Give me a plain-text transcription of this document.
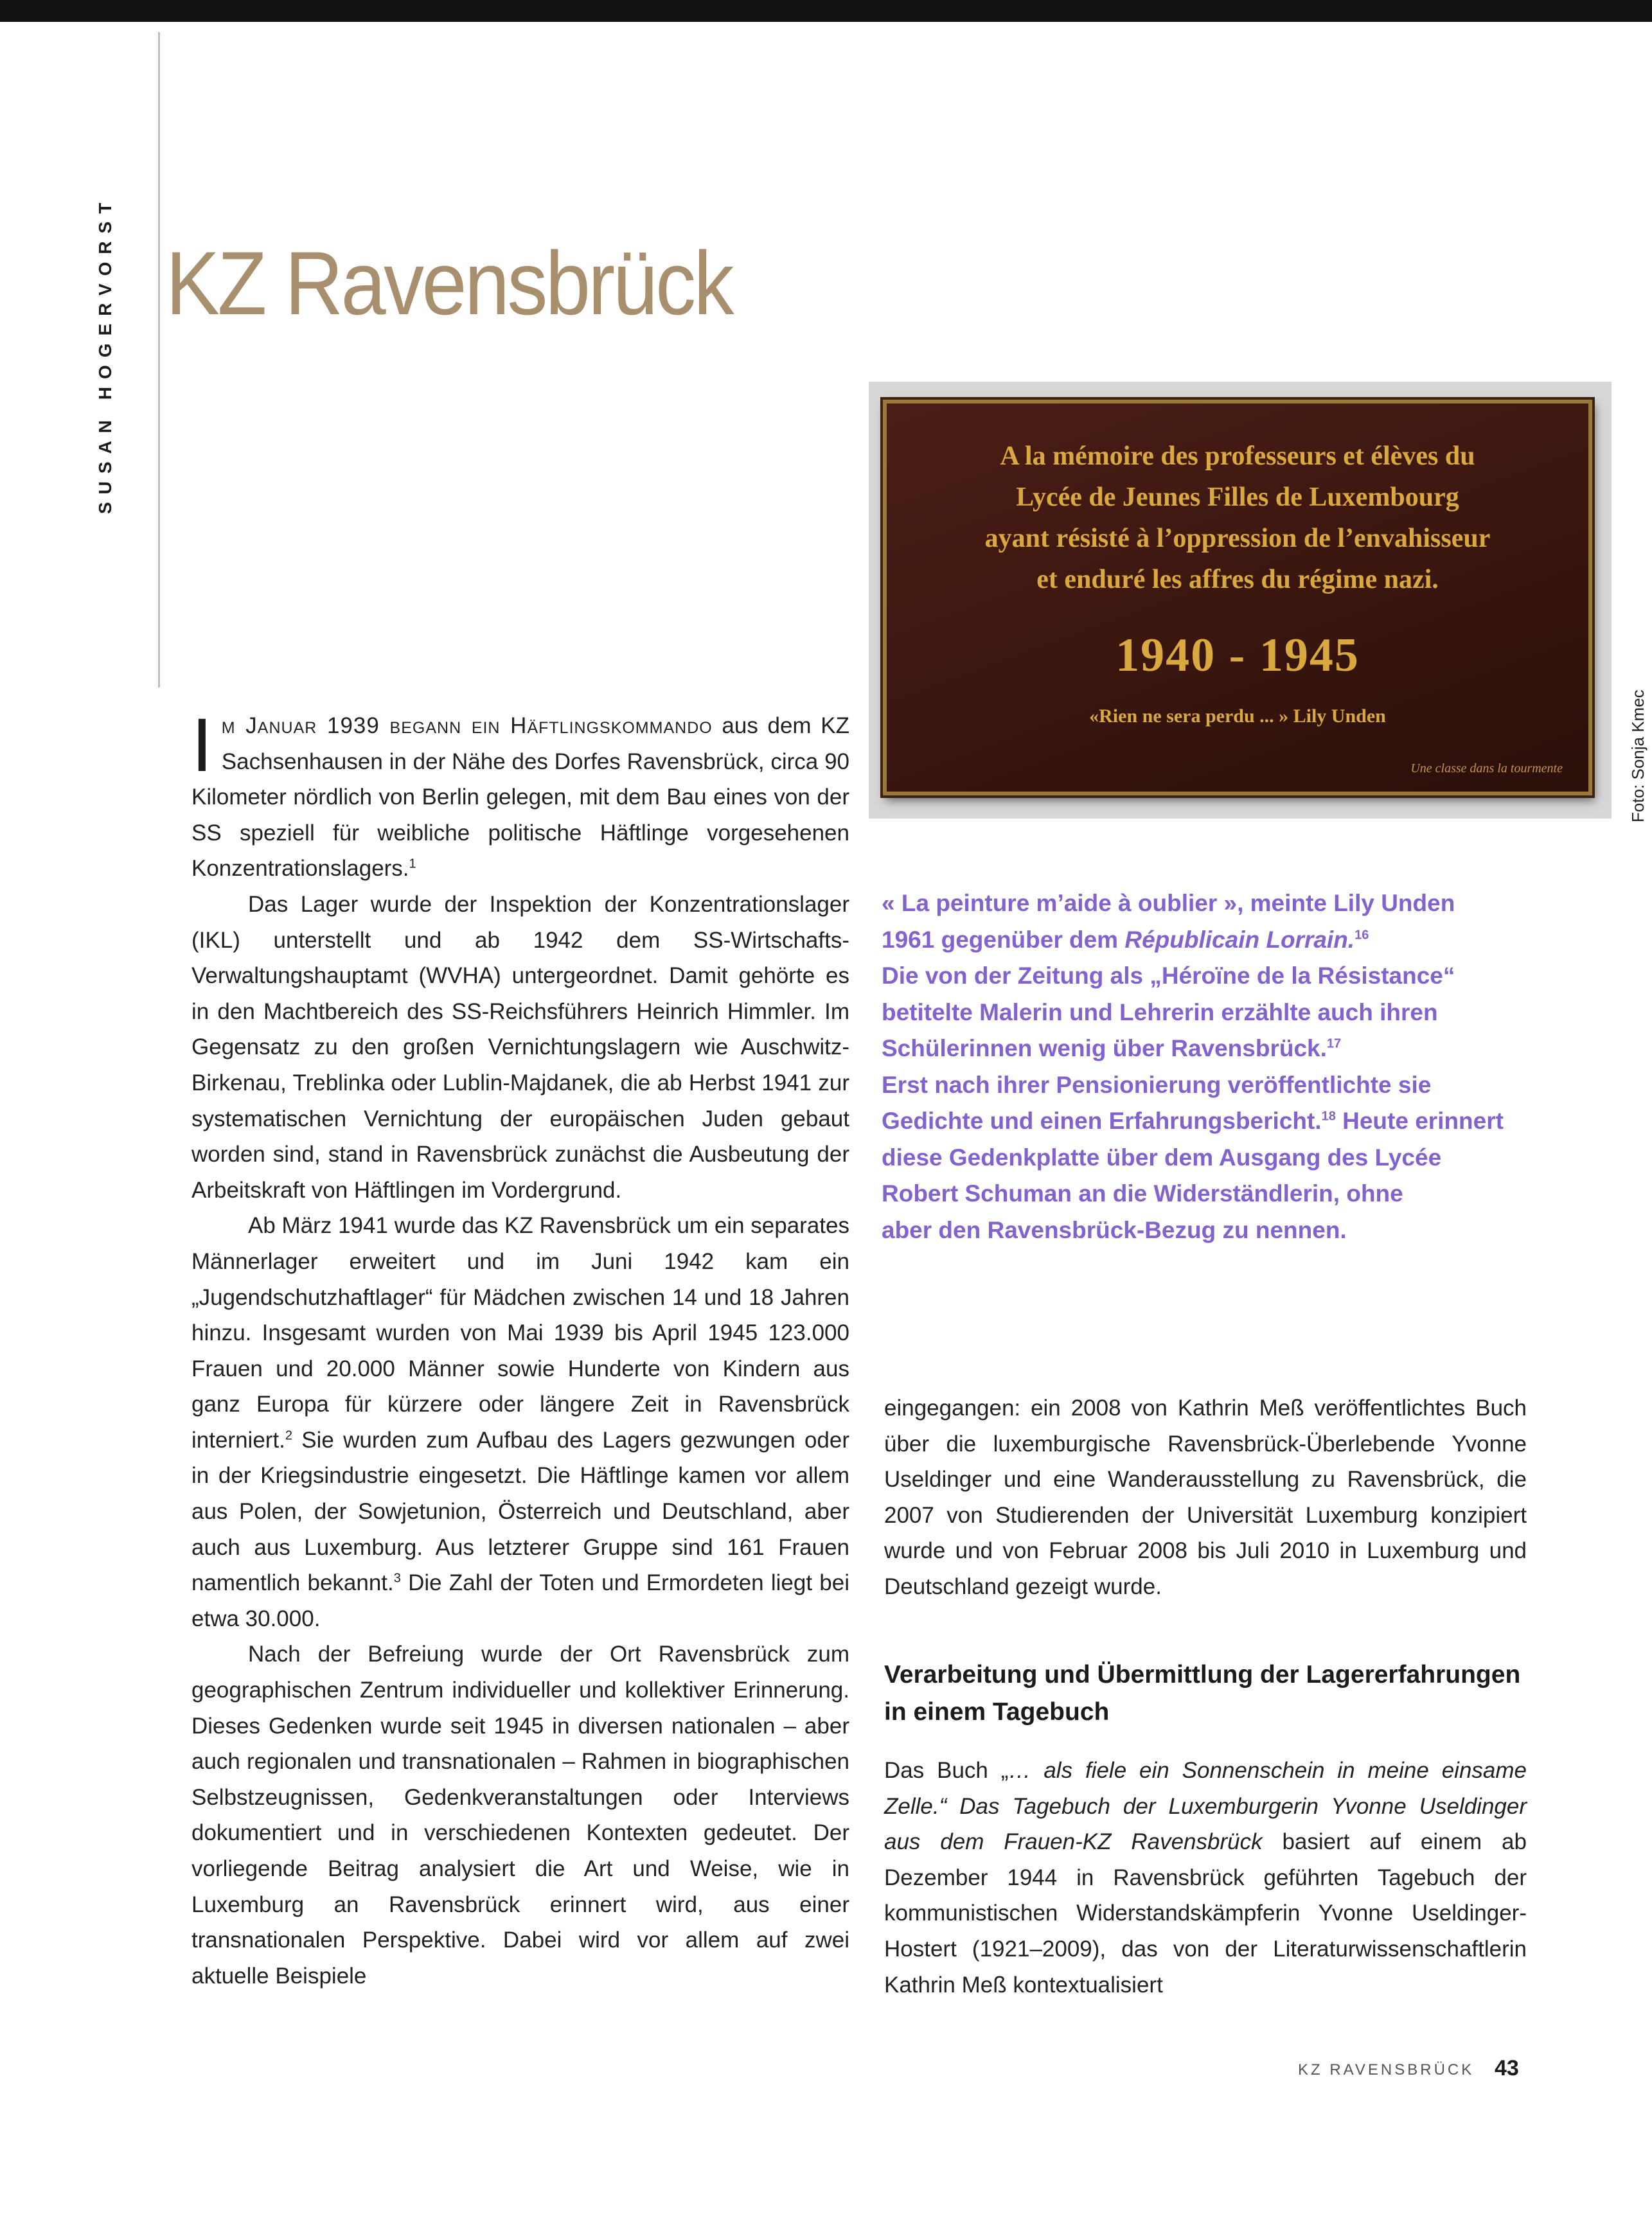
SUSAN HOGERVORST KZ Ravensbrück

Im Januar 1939 begann ein Häftlingskommando aus dem KZ Sachsenhausen in der Nähe des Dorfes Ravensbrück, circa 90 Kilometer nördlich von Berlin gelegen, mit dem Bau eines von der SS speziell für weibliche politische Häftlinge vorgesehenen Konzentrationslagers.$^1$

Das Lager wurde der Inspektion der Konzentrationslager (IKL) unterstellt und ab 1942 dem SS-Wirtschafts-Verwaltungshauptamt (WVHA) untergeordnet. Damit gehörte es in den Machtbereich des SS-Reichsführers Heinrich Himmler. Im Gegensatz zu den großen Vernichtungslagern wie Auschwitz-Birkenau, Treblinka oder Lublin-Majdanek, die ab Herbst 1941 zur systematischen Vernichtung der europäischen Juden gebaut worden sind, stand in Ravensbrück zunächst die Ausbeutung der Arbeitskraft von Häftlingen im Vordergrund.

Ab März 1941 wurde das KZ Ravensbrück um ein separates Männerlager erweitert und im Juni 1942 kam ein „Jugendschutzhaftlager“ für Mädchen zwischen 14 und 18 Jahren hinzu. Insgesamt wurden von Mai 1939 bis April 1945 123.000 Frauen und 20.000 Männer sowie Hunderte von Kindern aus ganz Europa für kürzere oder längere Zeit in Ravensbrück interniert.$^2$ Sie wurden zum Aufbau des Lagers gezwungen oder in der Kriegsindustrie eingesetzt. Die Häftlinge kamen vor allem aus Polen, der Sowjetunion, Österreich und Deutschland, aber auch aus Luxemburg. Aus letzterer Gruppe sind 161 Frauen namentlich bekannt.$^3$ Die Zahl der Toten und Ermordeten liegt bei etwa 30.000.

Nach der Befreiung wurde der Ort Ravensbrück zum geographischen Zentrum individueller und kollektiver Erinnerung. Dieses Gedenken wurde seit 1945 in diversen nationalen – aber auch regionalen und transnationalen – Rahmen in biographischen Selbstzeugnissen, Gedenkveranstaltungen oder Interviews dokumentiert und in verschiedenen Kontexten gedeutet. Der vorliegende Beitrag analysiert die Art und Weise, wie in Luxemburg an Ravensbrück erinnert wird, aus einer transnationalen Perspektive. Dabei wird vor allem auf zwei aktuelle Beispiele

A la mémoire des professeurs et élèves du
Lycée de Jeunes Filles de Luxembourg
ayant résisté à l’oppression de l’envahisseur
et enduré les affres du régime nazi.
1940 - 1945
«Rien ne sera perdu ... » Lily Unden
Une classe dans la tourmente	Foto: Sonja Kmec

« La peinture m’aide à oublier », meinte Lily Unden

1961 gegenüber dem Républicain Lorrain.$^{16}$

Die von der Zeitung als „Héroïne de la Résistance“

betitelte Malerin und Lehrerin erzählte auch ihren

Schülerinnen wenig über Ravensbrück.$^{17}$

Erst nach ihrer Pensionierung veröffentlichte sie

Gedichte und einen Erfahrungsbericht.$^{18}$ Heute erinnert

diese Gedenkplatte über dem Ausgang des Lycée

Robert Schuman an die Widerständlerin, ohne

aber den Ravensbrück-Bezug zu nennen.

eingegangen: ein 2008 von Kathrin Meß veröffentlichtes Buch über die luxemburgische Ravensbrück-Überlebende Yvonne Useldinger und eine Wanderausstellung zu Ravensbrück, die 2007 von Studierenden der Universität Luxemburg konzipiert wurde und von Februar 2008 bis Juli 2010 in Luxemburg und Deutschland gezeigt wurde.

Verarbeitung und Übermittlung der Lagererfahrungen in einem Tagebuch

Das Buch „… als fiele ein Sonnenschein in meine einsame Zelle.“ Das Tagebuch der Luxemburgerin Yvonne Useldinger aus dem Frauen-KZ Ravensbrück basiert auf einem ab Dezember 1944 in Ravensbrück geführten Tagebuch der kommunistischen Widerstandskämpferin Yvonne Useldinger-Hostert (1921–2009), das von der Literaturwissenschaftlerin Kathrin Meß kontextualisiert

KZ RAVENSBRÜCK 43
